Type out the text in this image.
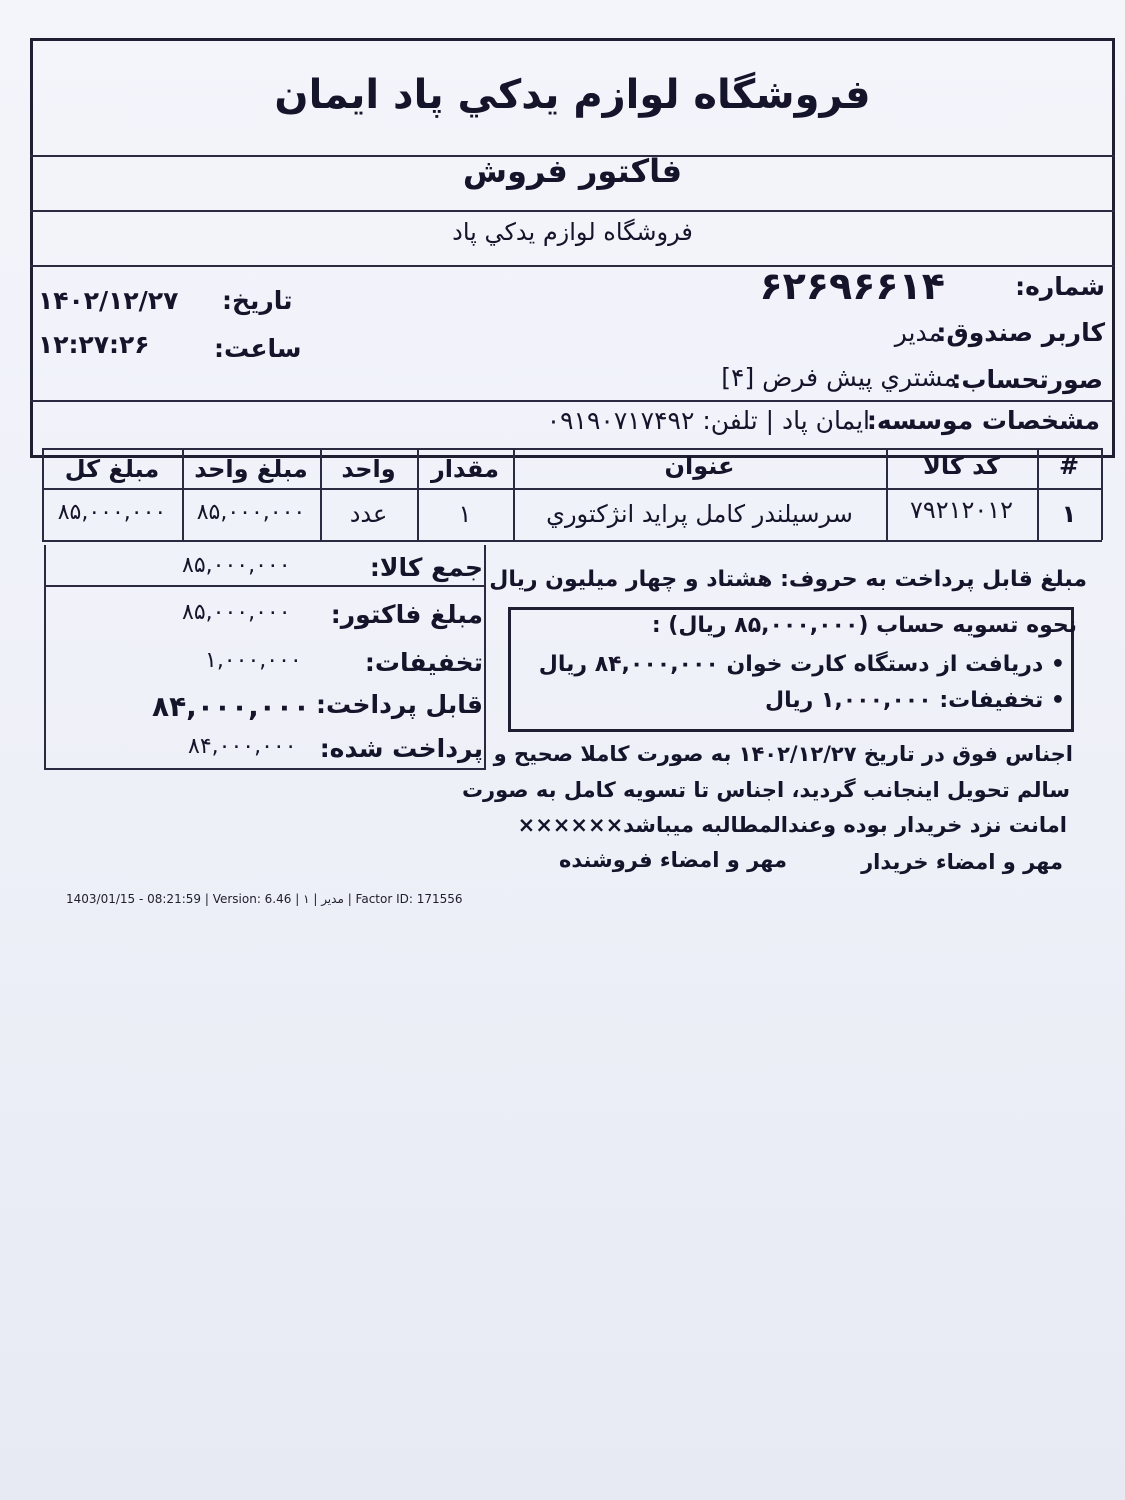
فروشگاه لوازم يدكي پاد ايمان
فاكتور فروش
فروشگاه لوازم يدكي پاد
شماره:
۶۲۶۹۶۶۱۴
كاربر صندوق:
مدير
صورتحساب:
مشتري پيش فرض [۴]
تاريخ:
۱۴۰۲/۱۲/۲۷
ساعت:
۱۲:۲۷:۲۶
مشخصات موسسه:
ايمان پاد | تلفن: ۰۹۱۹۰۷۱۷۴۹۲
#
كد كالا
عنوان
مقدار
واحد
مبلغ واحد
مبلغ كل
۱
۷۹۲۱۲۰۱۲
سرسيلندر كامل پرايد انژكتوري
۱
عدد
۸۵,۰۰۰,۰۰۰
۸۵,۰۰۰,۰۰۰
جمع كالا:
۸۵,۰۰۰,۰۰۰
مبلغ فاكتور:
۸۵,۰۰۰,۰۰۰
تخفيفات:
۱,۰۰۰,۰۰۰
قابل پرداخت:
۸۴,۰۰۰,۰۰۰
پرداخت شده:
۸۴,۰۰۰,۰۰۰
مبلغ قابل پرداخت به حروف: هشتاد و چهار ميليون ريال
نحوه تسويه حساب (۸۵,۰۰۰,۰۰۰ ريال) :
• دريافت از دستگاه كارت خوان ۸۴,۰۰۰,۰۰۰ ريال
• تخفيفات: ۱,۰۰۰,۰۰۰ ريال
اجناس فوق در تاريخ ۱۴۰۲/۱۲/۲۷ به صورت كاملا صحيح و
سالم تحويل اينجانب گرديد، اجناس تا تسويه كامل به صورت
امانت نزد خريدار بوده وعندالمطالبه ميباشد××××××
مهر و امضاء خريدار
مهر و امضاء فروشنده
1403/01/15 - 08:21:59 | Version: 6.46 | ۱ | مدير | Factor ID: 171556
